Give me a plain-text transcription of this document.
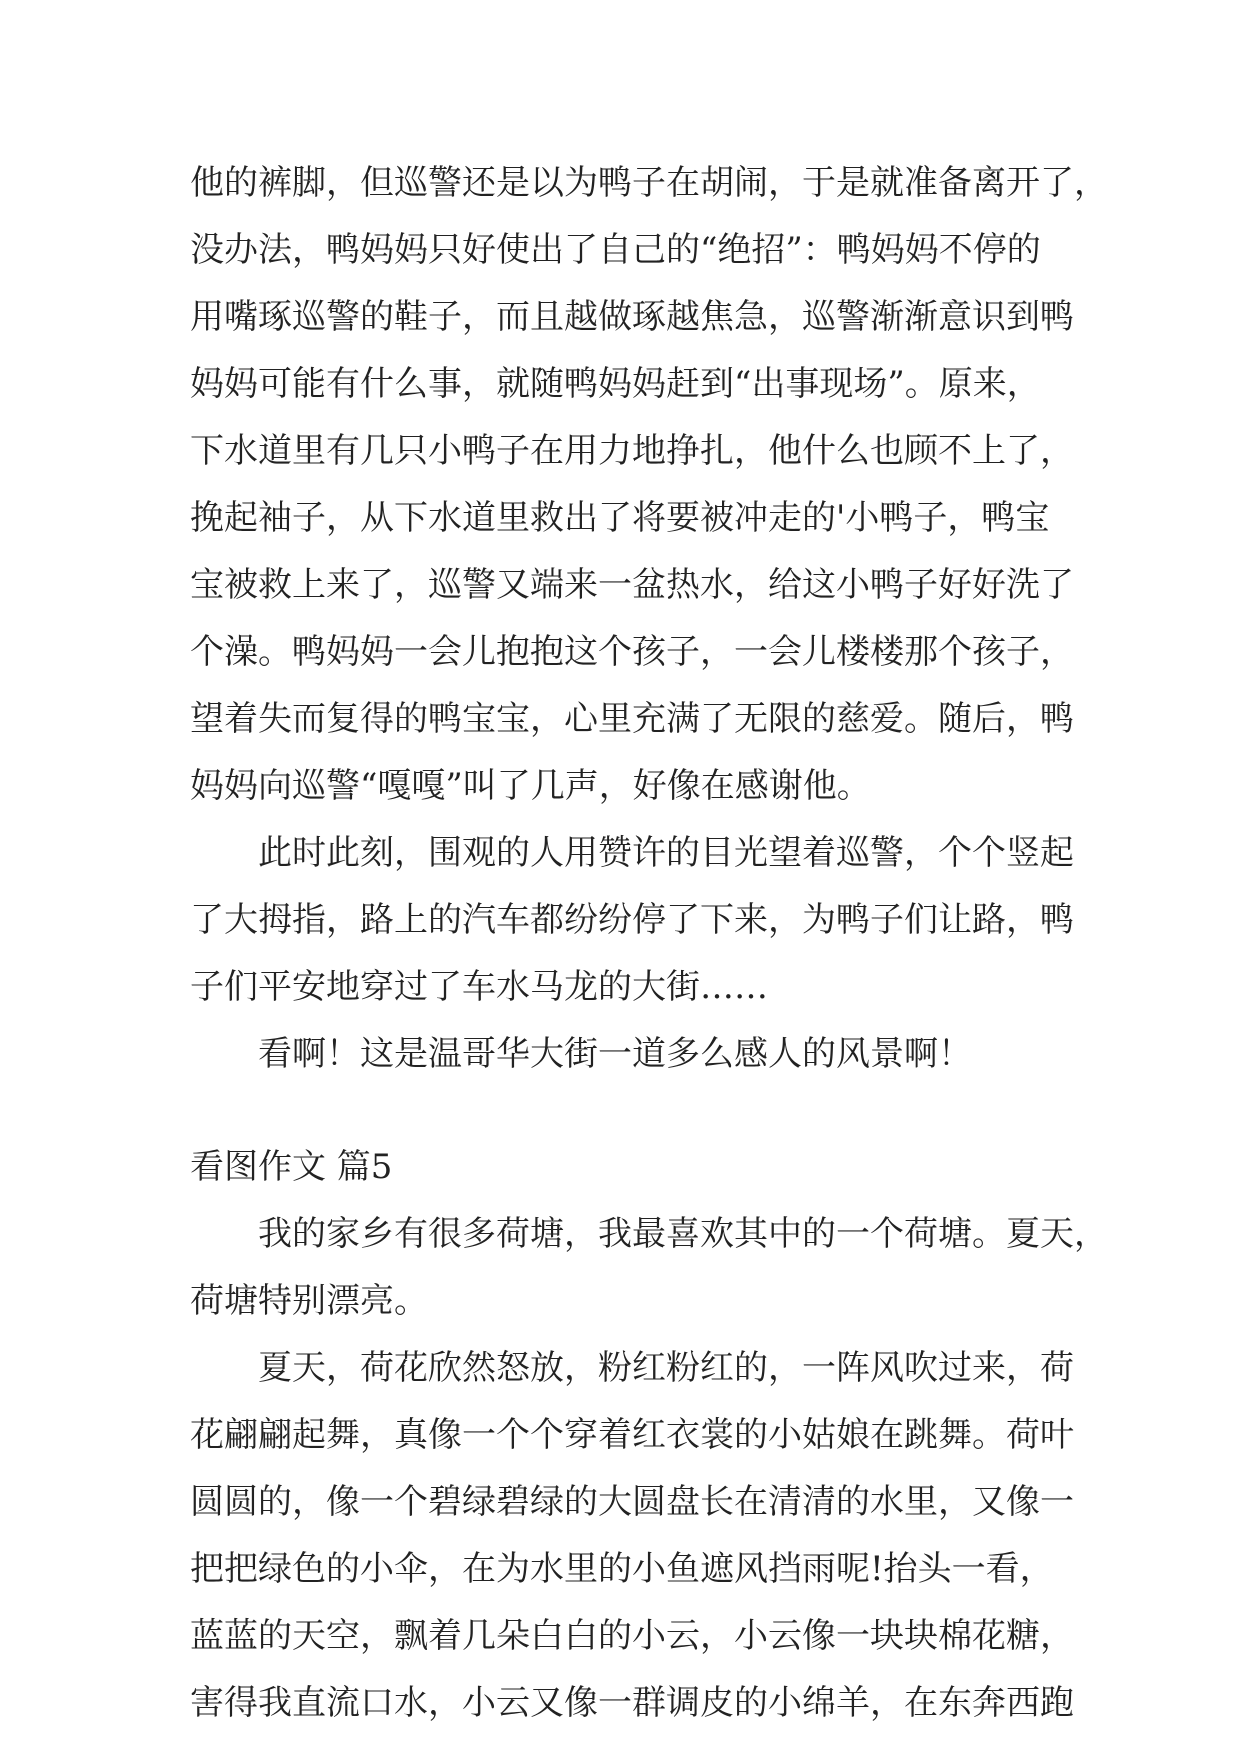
他的裤脚，但巡警还是以为鸭子在胡闹，于是就准备离开了，
没办法，鸭妈妈只好使出了自己的“绝招”：鸭妈妈不停的
用嘴琢巡警的鞋子，而且越做琢越焦急，巡警渐渐意识到鸭
妈妈可能有什么事，就随鸭妈妈赶到“出事现场”。原来，
下水道里有几只小鸭子在用力地挣扎，他什么也顾不上了，
挽起袖子，从下水道里救出了将要被冲走的'小鸭子，鸭宝
宝被救上来了，巡警又端来一盆热水，给这小鸭子好好洗了
个澡。鸭妈妈一会儿抱抱这个孩子，一会儿楼楼那个孩子，
望着失而复得的鸭宝宝，心里充满了无限的慈爱。随后，鸭
妈妈向巡警“嘎嘎”叫了几声，好像在感谢他。
此时此刻，围观的人用赞许的目光望着巡警，个个竖起
了大拇指，路上的汽车都纷纷停了下来，为鸭子们让路，鸭
子们平安地穿过了车水马龙的大街……
看啊！这是温哥华大街一道多么感人的风景啊！
看图作文 篇5
我的家乡有很多荷塘，我最喜欢其中的一个荷塘。夏天，
荷塘特别漂亮。
夏天，荷花欣然怒放，粉红粉红的，一阵风吹过来，荷
花翩翩起舞，真像一个个穿着红衣裳的小姑娘在跳舞。荷叶
圆圆的，像一个碧绿碧绿的大圆盘长在清清的水里，又像一
把把绿色的小伞，在为水里的小鱼遮风挡雨呢!抬头一看，
蓝蓝的天空，飘着几朵白白的小云，小云像一块块棉花糖，
害得我直流口水，小云又像一群调皮的小绵羊，在东奔西跑
